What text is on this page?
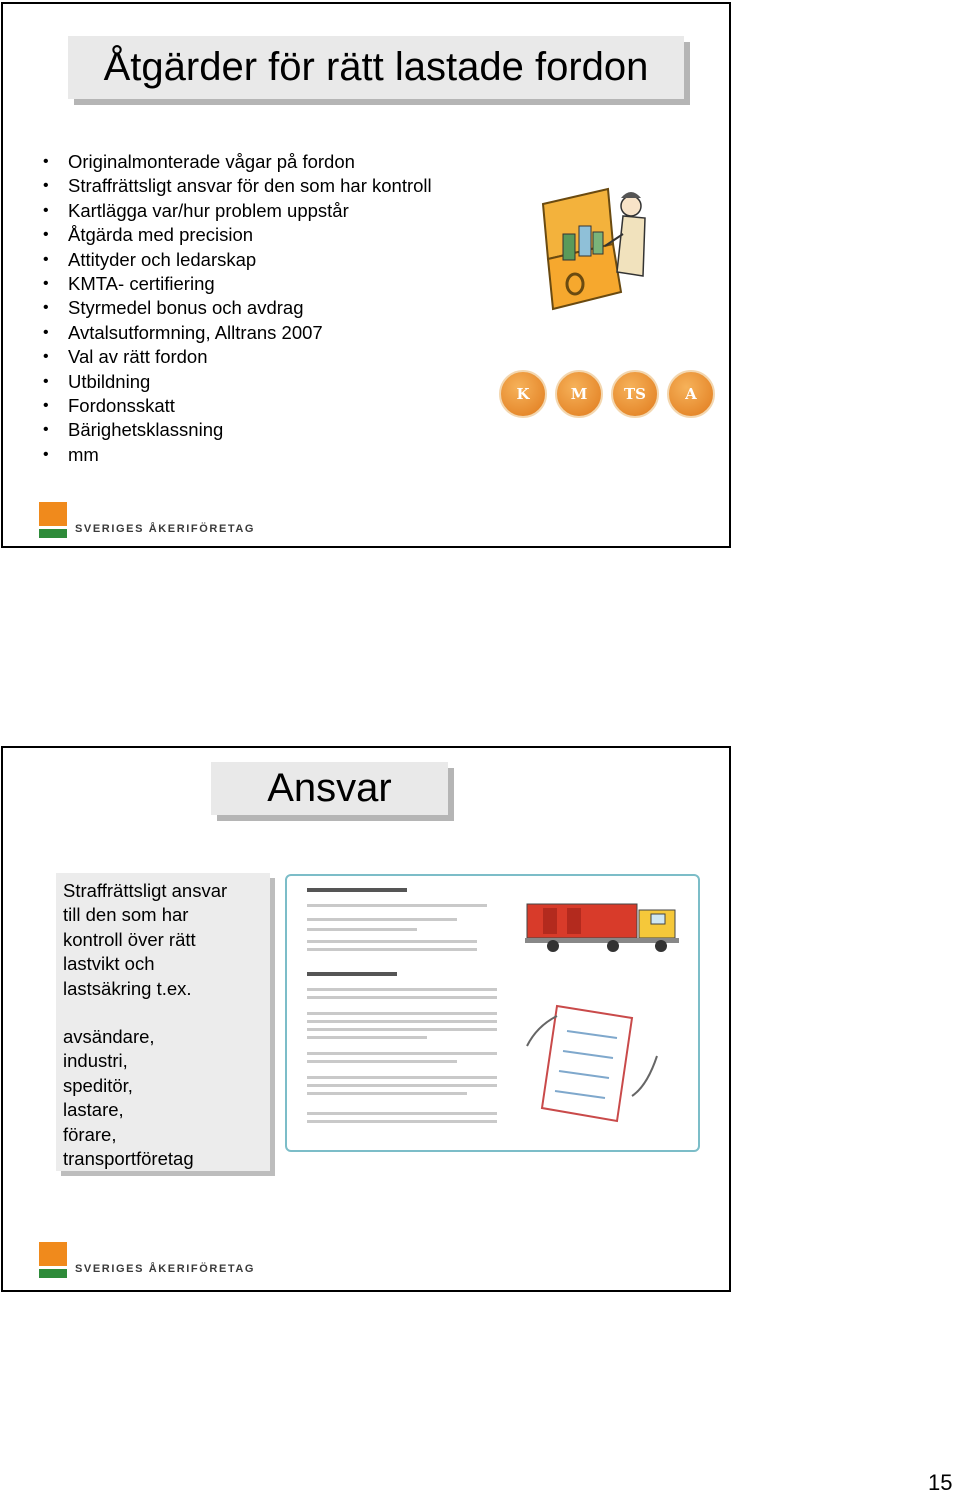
Åtgärder för rätt lastade fordon
• Originalmonterade vågar på fordon
• Straffrättsligt ansvar för den som har kontroll
• Kartlägga var/hur problem uppstår
• Åtgärda med precision
• Attityder och ledarskap
• KMTA- certifiering
• Styrmedel bonus och avdrag
• Avtalsutformning, Alltrans 2007
• Val av rätt fordon
• Utbildning
• Fordonsskatt
• Bärighetsklassning
• mm
K	M	TS	A
SVERIGES ÅKERIFÖRETAG
Ansvar

Straffrättsligt ansvar

till den som har

kontroll över rätt

lastvikt och

lastsäkring t.ex.

avsändare,

industri,

speditör,

lastare,

förare,

transportföretag

SVERIGES ÅKERIFÖRETAG
15
